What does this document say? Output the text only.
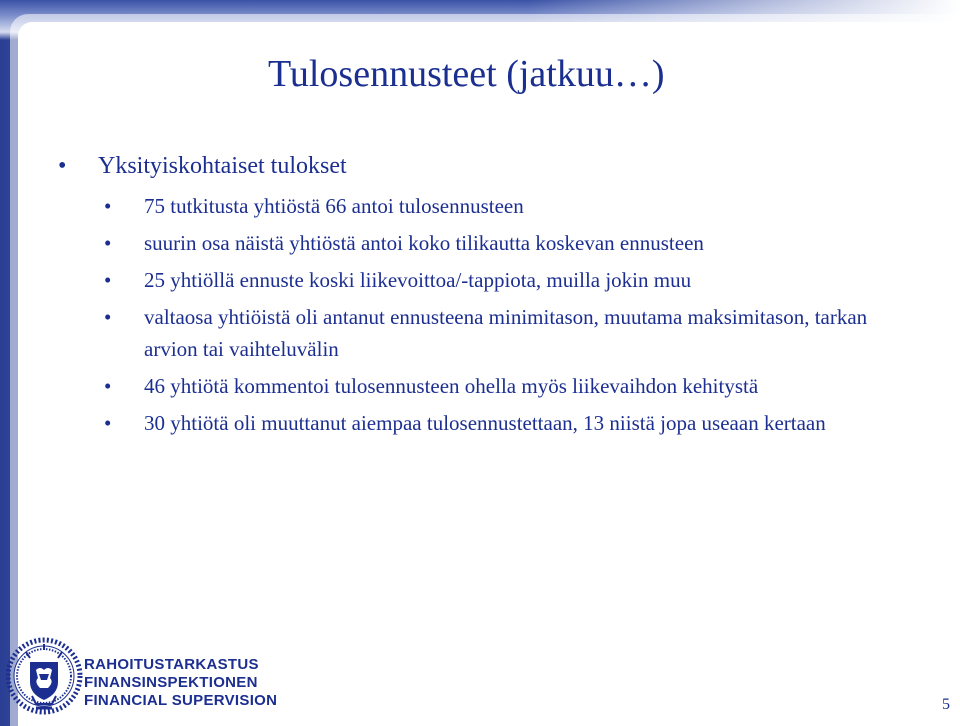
Tulosennusteet (jatkuu…)
• Yksityiskohtaiset tulokset
• 75 tutkitusta yhtiöstä 66 antoi tulosennusteen
• suurin osa näistä yhtiöstä antoi koko tilikautta koskevan ennusteen
• 25 yhtiöllä ennuste koski liikevoittoa/-tappiota, muilla jokin muu
• valtaosa yhtiöistä oli antanut ennusteena minimitason, muutama maksimitason, tarkan arvion tai vaihteluvälin
• 46 yhtiötä kommentoi tulosennusteen ohella myös liikevaihdon kehitystä
• 30 yhtiötä oli muuttanut aiempaa tulosennustettaan, 13 niistä jopa useaan kertaan
RAHOITUSTARKASTUS
FINANSINSPEKTIONEN
FINANCIAL SUPERVISION	5
